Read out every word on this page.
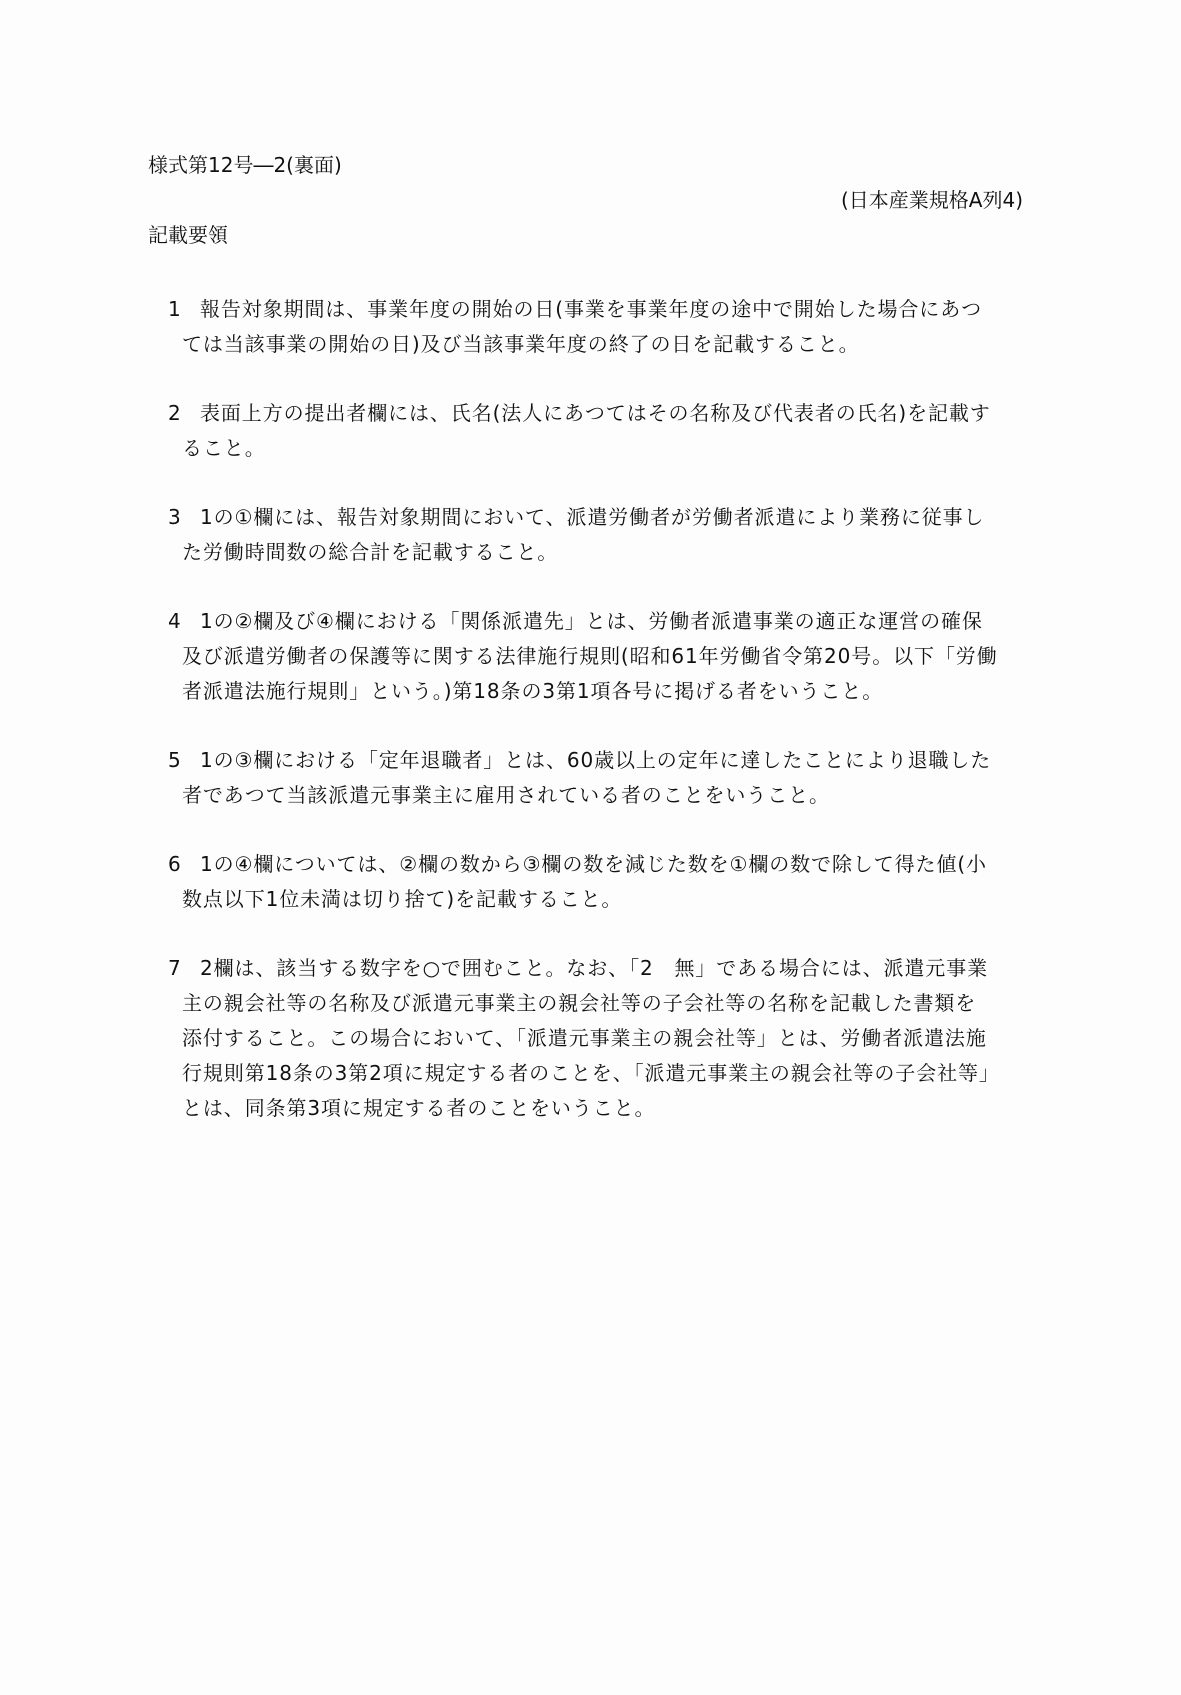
様式第12号―2(裏面)
(日本産業規格A列4)
記載要領
1 報告対象期間は、事業年度の開始の日(事業を事業年度の途中で開始した場合にあつ
ては当該事業の開始の日)及び当該事業年度の終了の日を記載すること。
2 表面上方の提出者欄には、氏名(法人にあつてはその名称及び代表者の氏名)を記載す
ること。
3 1の①欄には、報告対象期間において、派遣労働者が労働者派遣により業務に従事し
た労働時間数の総合計を記載すること。
4 1の②欄及び④欄における「関係派遣先」とは、労働者派遣事業の適正な運営の確保
及び派遣労働者の保護等に関する法律施行規則(昭和61年労働省令第20号。以下「労働
者派遣法施行規則」という。)第18条の3第1項各号に掲げる者をいうこと。
5 1の③欄における「定年退職者」とは、60歳以上の定年に達したことにより退職した
者であつて当該派遣元事業主に雇用されている者のことをいうこと。
6 1の④欄については、②欄の数から③欄の数を減じた数を①欄の数で除して得た値(小
数点以下1位未満は切り捨て)を記載すること。
7 2欄は、該当する数字を○で囲むこと。なお、「2　無」である場合には、派遣元事業
主の親会社等の名称及び派遣元事業主の親会社等の子会社等の名称を記載した書類を
添付すること。この場合において、「派遣元事業主の親会社等」とは、労働者派遣法施
行規則第18条の3第2項に規定する者のことを、「派遣元事業主の親会社等の子会社等」
とは、同条第3項に規定する者のことをいうこと。
